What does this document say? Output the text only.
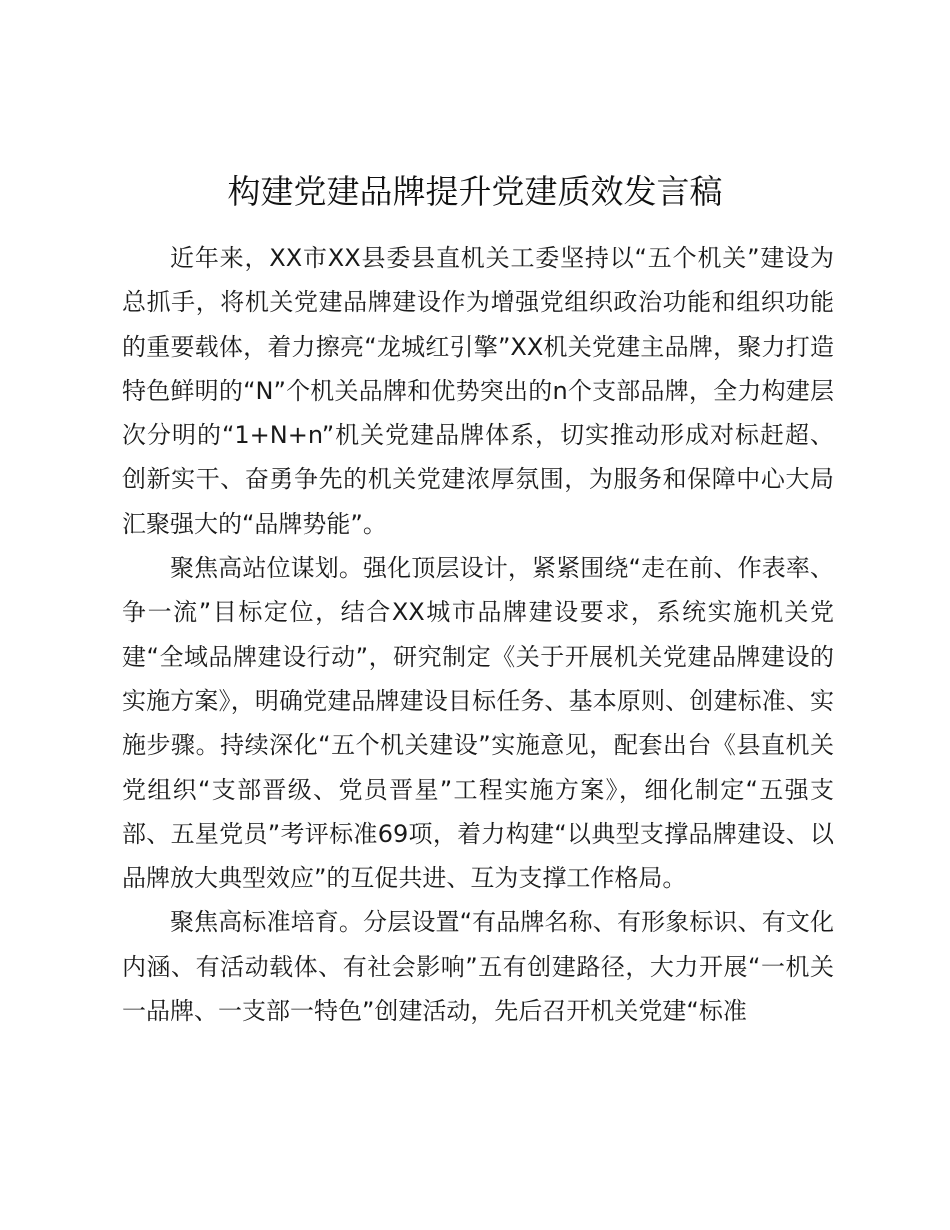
构建党建品牌提升党建质效发言稿

近年来，XX市XX县委县直机关工委坚持以“五个机关”建设为总抓手，将机关党建品牌建设作为增强党组织政治功能和组织功能的重要载体，着力擦亮“龙城红引擎”XX机关党建主品牌，聚力打造特色鲜明的“N”个机关品牌和优势突出的n个支部品牌，全力构建层次分明的“1+N+n”机关党建品牌体系，切实推动形成对标赶超、创新实干、奋勇争先的机关党建浓厚氛围，为服务和保障中心大局汇聚强大的“品牌势能”。

聚焦高站位谋划。强化顶层设计，紧紧围绕“走在前、作表率、争一流”目标定位，结合XX城市品牌建设要求，系统实施机关党建“全域品牌建设行动”，研究制定《关于开展机关党建品牌建设的实施方案》，明确党建品牌建设目标任务、基本原则、创建标准、实施步骤。持续深化“五个机关建设”实施意见，配套出台《县直机关党组织“支部晋级、党员晋星”工程实施方案》，细化制定“五强支部、五星党员”考评标准69项，着力构建“以典型支撑品牌建设、以品牌放大典型效应”的互促共进、互为支撑工作格局。

聚焦高标准培育。分层设置“有品牌名称、有形象标识、有文化内涵、有活动载体、有社会影响”五有创建路径，大力开展“一机关一品牌、一支部一特色”创建活动，先后召开机关党建“标准
